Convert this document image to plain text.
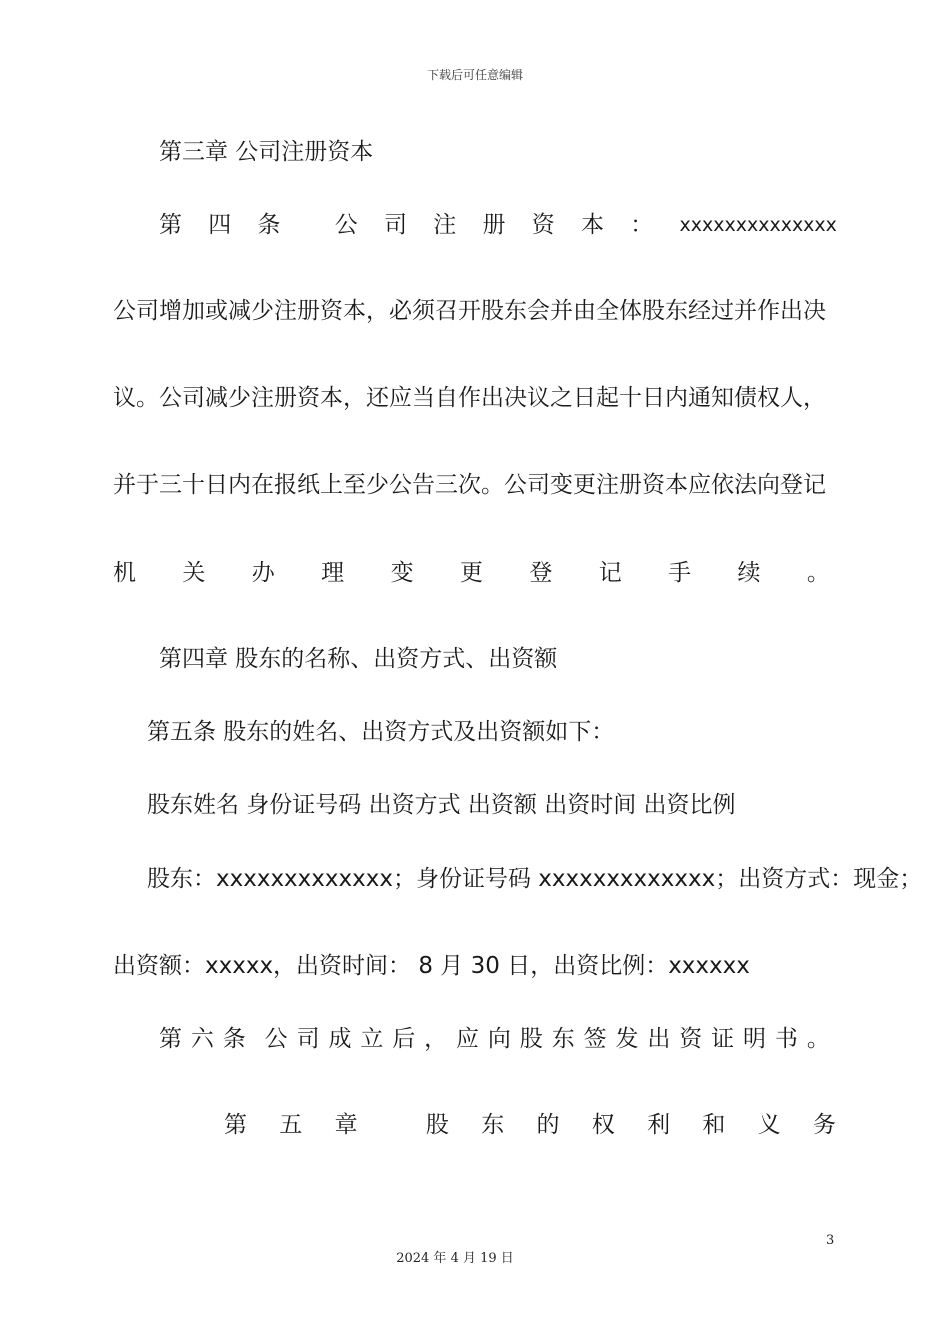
下载后可任意编辑
第三章 公司注册资本
第 四 条 公 司 注 册 资 本 ： xxxxxxxxxxxxxx
公司增加或减少注册资本，必须召开股东会并由全体股东经过并作出决
议。公司减少注册资本，还应当自作出决议之日起十日内通知债权人，
并于三十日内在报纸上至少公告三次。公司变更注册资本应依法向登记
机 关 办 理 变 更 登 记 手 续 。
第四章 股东的名称、出资方式、出资额
第五条 股东的姓名、出资方式及出资额如下：
股东姓名 身份证号码 出资方式 出资额 出资时间 出资比例
股东：xxxxxxxxxxxxx；身份证号码 xxxxxxxxxxxxx；出资方式：现金；
出资额：xxxxx，出资时间： 8 月 30 日，出资比例：xxxxxx
第 六 条 公 司 成 立 后 ， 应 向 股 东 签 发 出 资 证 明 书 。
第 五 章	股 东 的 权 利 和 义 务
3
2024 年 4 月 19 日
